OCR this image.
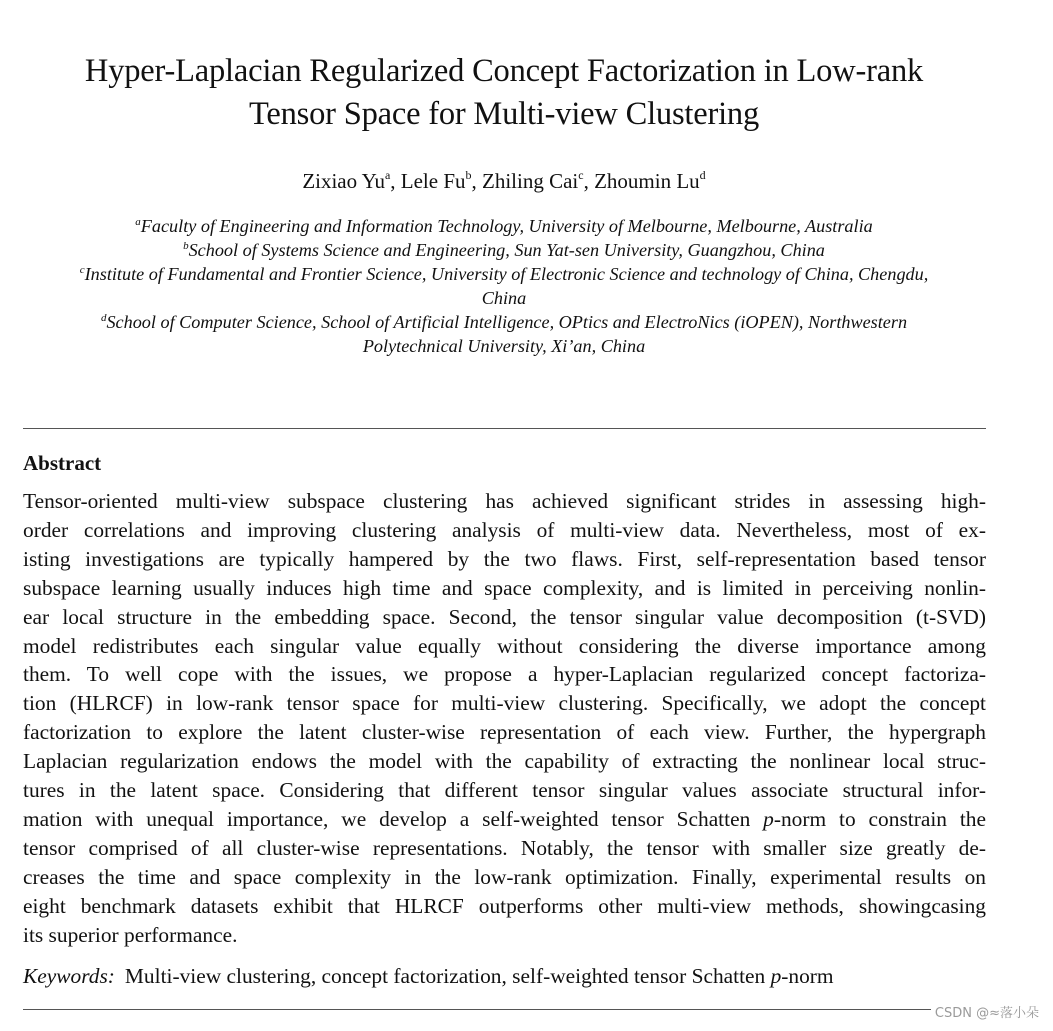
Hyper-Laplacian Regularized Concept Factorization in Low-rank
Tensor Space for Multi-view Clustering
Zixiao Yu$^a$, Lele Fu$^b$, Zhiling Cai$^c$, Zhoumin Lu$^d$
$^a$Faculty of Engineering and Information Technology, University of Melbourne, Melbourne, Australia
$^b$School of Systems Science and Engineering, Sun Yat-sen University, Guangzhou, China
$^c$Institute of Fundamental and Frontier Science, University of Electronic Science and technology of China, Chengdu,
China
$^d$School of Computer Science, School of Artificial Intelligence, OPtics and ElectroNics (iOPEN), Northwestern
Polytechnical University, Xi’an, China
Abstract
Tensor-oriented multi-view subspace clustering has achieved significant strides in assessing high-
order correlations and improving clustering analysis of multi-view data. Nevertheless, most of ex-
isting investigations are typically hampered by the two flaws. First, self-representation based tensor
subspace learning usually induces high time and space complexity, and is limited in perceiving nonlin-
ear local structure in the embedding space. Second, the tensor singular value decomposition (t-SVD)
model redistributes each singular value equally without considering the diverse importance among
them. To well cope with the issues, we propose a hyper-Laplacian regularized concept factoriza-
tion (HLRCF) in low-rank tensor space for multi-view clustering. Specifically, we adopt the concept
factorization to explore the latent cluster-wise representation of each view. Further, the hypergraph
Laplacian regularization endows the model with the capability of extracting the nonlinear local struc-
tures in the latent space. Considering that different tensor singular values associate structural infor-
mation with unequal importance, we develop a self-weighted tensor Schatten p-norm to constrain the
tensor comprised of all cluster-wise representations. Notably, the tensor with smaller size greatly de-
creases the time and space complexity in the low-rank optimization. Finally, experimental results on
eight benchmark datasets exhibit that HLRCF outperforms other multi-view methods, showingcasing
its superior performance.
Keywords: Multi-view clustering, concept factorization, self-weighted tensor Schatten p-norm
CSDN @≈落小朵
